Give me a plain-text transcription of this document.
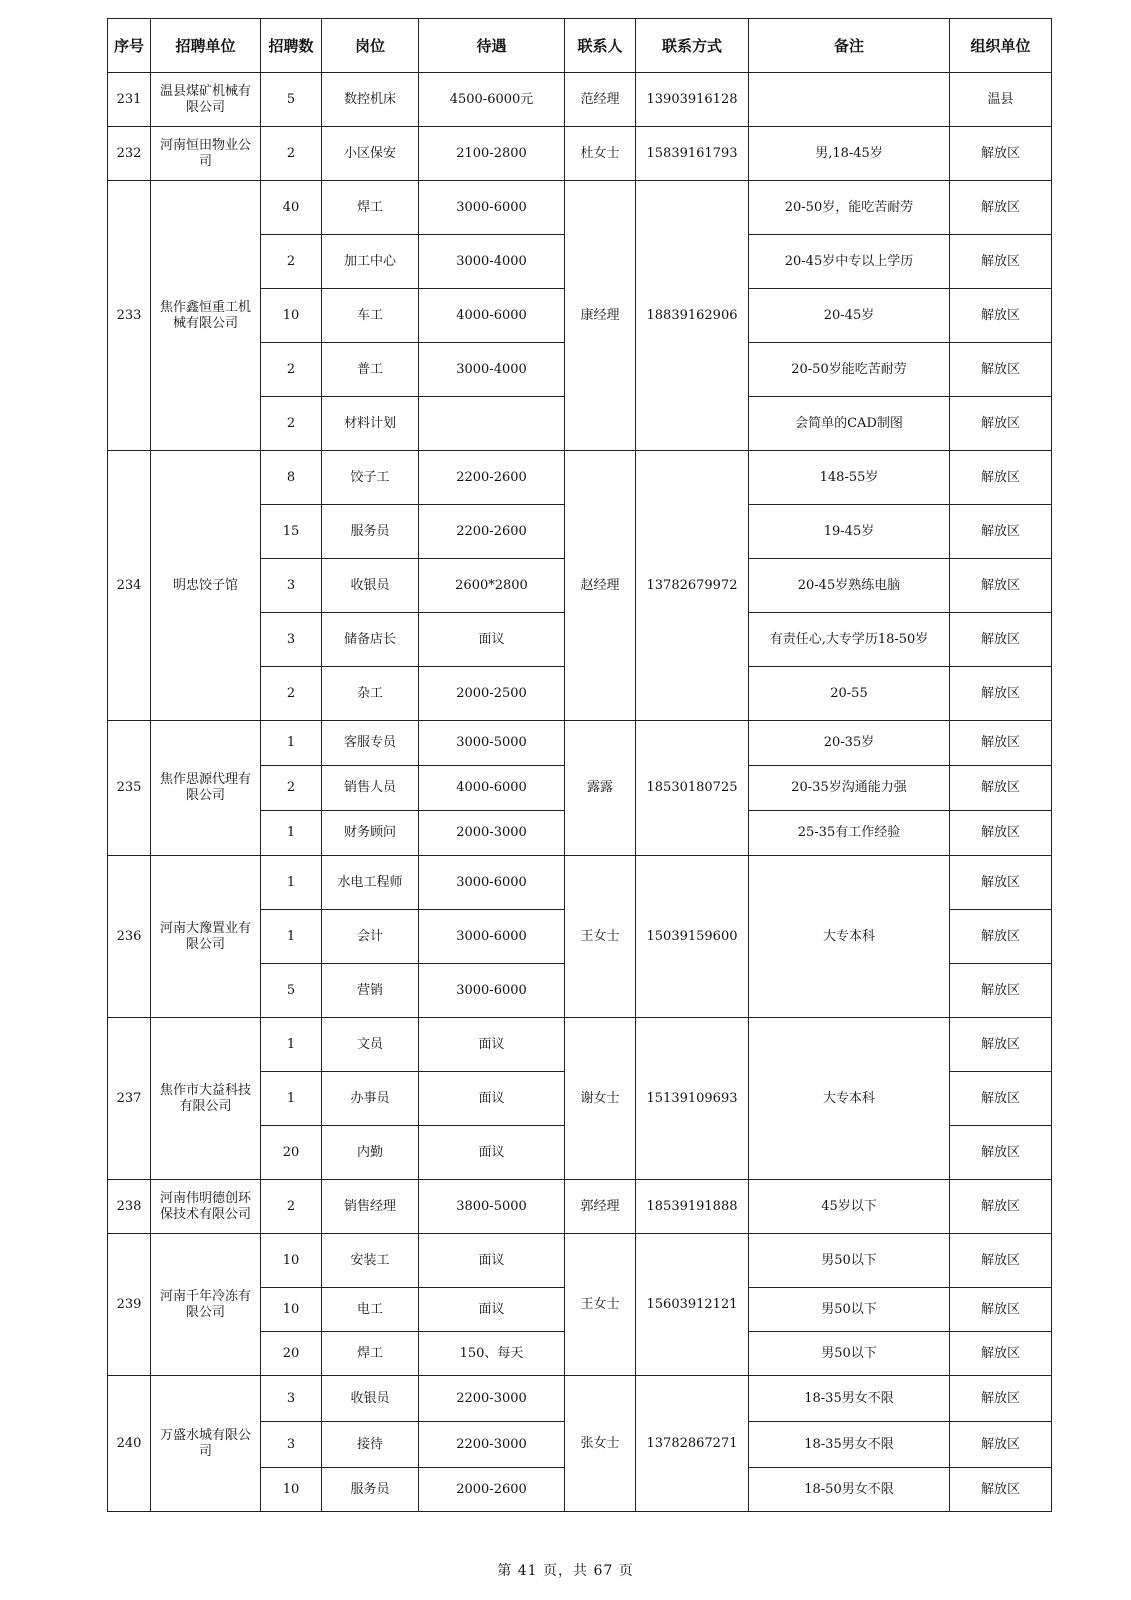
序号	招聘单位	招聘数	岗位	待遇	联系人	联系方式	备注	组织单位
231	温县煤矿机械有限公司	5	数控机床	4500-6000元	范经理	13903916128		温县
232	河南恒田物业公司	2	小区保安	2100-2800	杜女士	15839161793	男,18-45岁	解放区
233	焦作鑫恒重工机械有限公司	40	焊工	3000-6000	康经理	18839162906	20-50岁，能吃苦耐劳	解放区
		2	加工中心	3000-4000			20-45岁中专以上学历	解放区
		10	车工	4000-6000			20-45岁	解放区
		2	普工	3000-4000			20-50岁能吃苦耐劳	解放区
		2	材料计划				会简单的CAD制图	解放区
234	明忠饺子馆	8	饺子工	2200-2600	赵经理	13782679972	148-55岁	解放区
		15	服务员	2200-2600			19-45岁	解放区
		3	收银员	2600*2800			20-45岁熟练电脑	解放区
		3	储备店长	面议			有责任心,大专学历18-50岁	解放区
		2	杂工	2000-2500			20-55	解放区
235	焦作思源代理有限公司	1	客服专员	3000-5000	露露	18530180725	20-35岁	解放区
		2	销售人员	4000-6000			20-35岁沟通能力强	解放区
		1	财务顾问	2000-3000			25-35有工作经验	解放区
236	河南大豫置业有限公司	1	水电工程师	3000-6000	王女士	15039159600	大专本科	解放区
		1	会计	3000-6000				解放区
		5	营销	3000-6000				解放区
237	焦作市大益科技有限公司	1	文员	面议	谢女士	15139109693	大专本科	解放区
		1	办事员	面议				解放区
		20	内勤	面议				解放区
238	河南伟明德创环保技术有限公司	2	销售经理	3800-5000	郭经理	18539191888	45岁以下	解放区
239	河南千年冷冻有限公司	10	安装工	面议	王女士	15603912121	男50以下	解放区
		10	电工	面议			男50以下	解放区
		20	焊工	150、每天			男50以下	解放区
240	万盛水城有限公司	3	收银员	2200-3000	张女士	13782867271	18-35男女不限	解放区
		3	接待	2200-3000			18-35男女不限	解放区
		10	服务员	2000-2600			18-50男女不限	解放区
第 41 页，共 67 页
